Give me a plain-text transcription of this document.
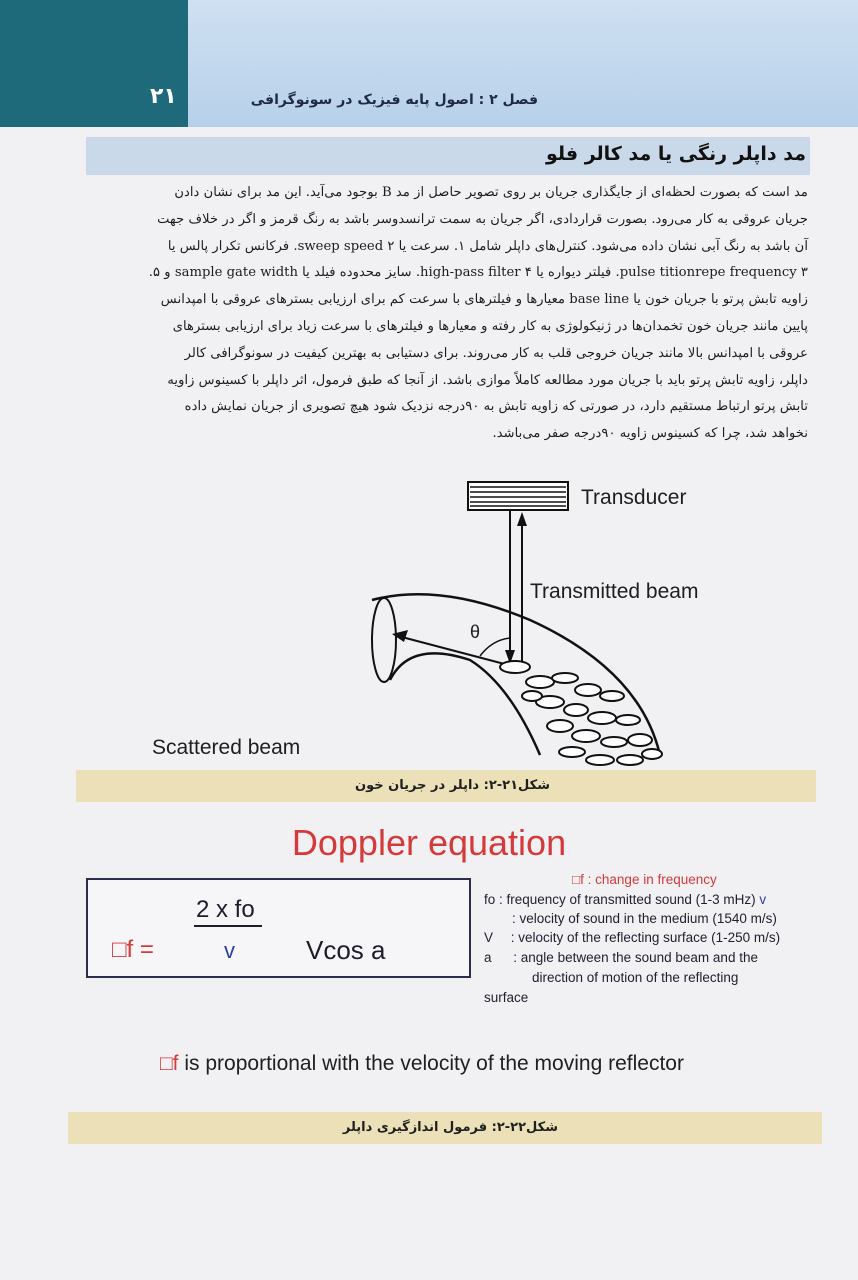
۲۱	فصل ۲ : اصول پایه فیزیک در سونوگرافی
مد داپلر رنگی یا مد کالر فلو
مد است که بصورت لحظه‌ای از جایگذاری جریان بر روی تصویر حاصل از مد B بوجود می‌آید. این مد برای نشان دادن
جریان عروقی به کار می‌رود. بصورت قراردادی، اگر جریان به سمت ترانسدوسر باشد به رنگ قرمز و اگر در خلاف جهت
آن باشد به رنگ آبی نشان داده می‌شود. کنترل‌های داپلر شامل ۱. سرعت یا sweep speed ۲. فرکانس تکرار پالس یا
pulse titionrepe frequency ۳. فیلتر دیواره یا high-pass filter ۴. سایز محدوده فیلد یا sample gate width و ۵.
زاویه تابش پرتو با جریان خون یا base line معیارها و فیلترهای با سرعت کم برای ارزیابی بسترهای عروقی با امپدانس
پایین مانند جریان خون تخمدان‌ها در ژنیکولوژی به کار رفته و معیارها و فیلترهای با سرعت زیاد برای ارزیابی بسترهای
عروقی با امپدانس بالا مانند جریان خروجی قلب به کار می‌روند. برای دستیابی به بهترین کیفیت در سونوگرافی کالر
داپلر، زاویه تابش پرتو باید با جریان مورد مطالعه کاملاً موازی باشد. از آنجا که طبق فرمول، اثر داپلر با کسینوس زاویه
تابش پرتو ارتباط مستقیم دارد، در صورتی که زاویه تابش به ۹۰درجه نزدیک شود هیچ تصویری از جریان نمایش داده
نخواهد شد، چرا که کسینوس زاویه ۹۰درجه صفر می‌باشد.
Transducer
Transmitted beam
θ
Scattered beam
شکل۲۱-۲: داپلر در جریان خون
Doppler equation
□f =
2 x fo
v	Vcos a
□f : change in frequency
fo : frequency of transmitted sound (1-3 mHz) v
: velocity of sound in the medium (1540 m/s)
V : velocity of the reflecting surface (1-250 m/s)
a : angle between the sound beam and the
direction of motion of the reflecting
surface
□f is proportional with the velocity of the moving reflector
شکل۲۲-۲: فرمول اندازگیری داپلر
